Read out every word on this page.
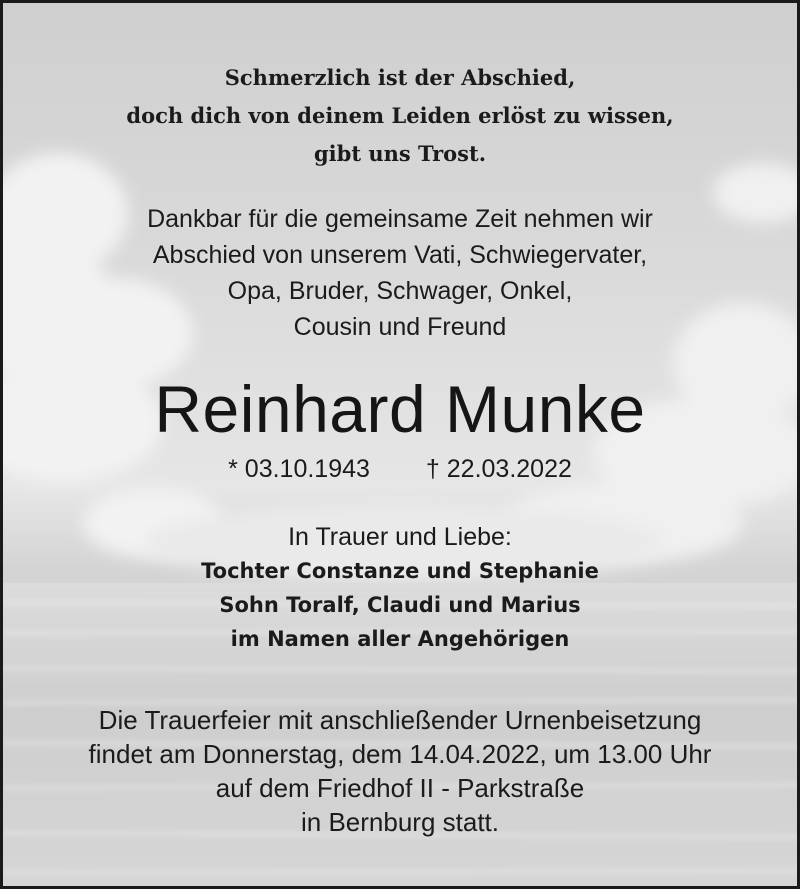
Schmerzlich ist der Abschied,
doch dich von deinem Leiden erlöst zu wissen,
gibt uns Trost.
Dankbar für die gemeinsame Zeit nehmen wir
Abschied von unserem Vati, Schwiegervater,
Opa, Bruder, Schwager, Onkel,
Cousin und Freund
Reinhard Munke
* 03.10.1943 † 22.03.2022
In Trauer und Liebe:
Tochter Constanze und Stephanie
Sohn Toralf, Claudi und Marius
im Namen aller Angehörigen
Die Trauerfeier mit anschließender Urnenbeisetzung
findet am Donnerstag, dem 14.04.2022, um 13.00 Uhr
auf dem Friedhof II - Parkstraße
in Bernburg statt.
